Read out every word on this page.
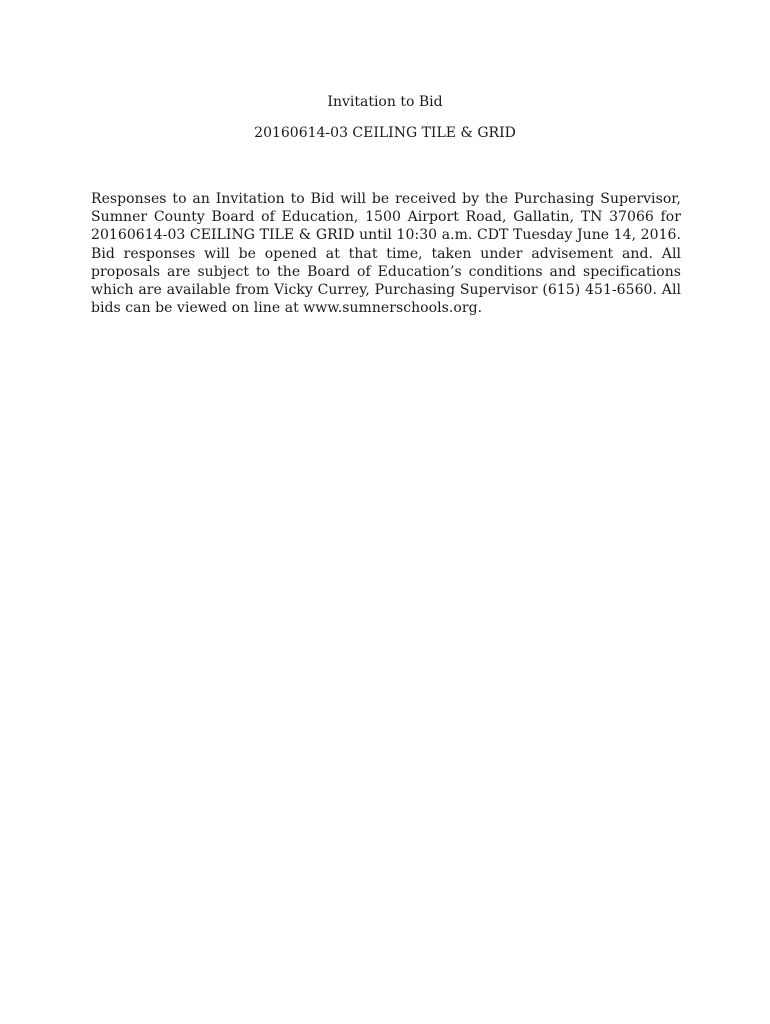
Invitation to Bid
20160614-03 CEILING TILE & GRID

Responses to an Invitation to Bid will be received by the Purchasing Supervisor, Sumner County Board of Education, 1500 Airport Road, Gallatin, TN 37066 for 20160614-03 CEILING TILE & GRID until 10:30 a.m. CDT Tuesday June 14, 2016. Bid responses will be opened at that time, taken under advisement and. All proposals are subject to the Board of Education’s conditions and specifications which are available from Vicky Currey, Purchasing Supervisor (615) 451-6560. All bids can be viewed on line at www.sumnerschools.org.
